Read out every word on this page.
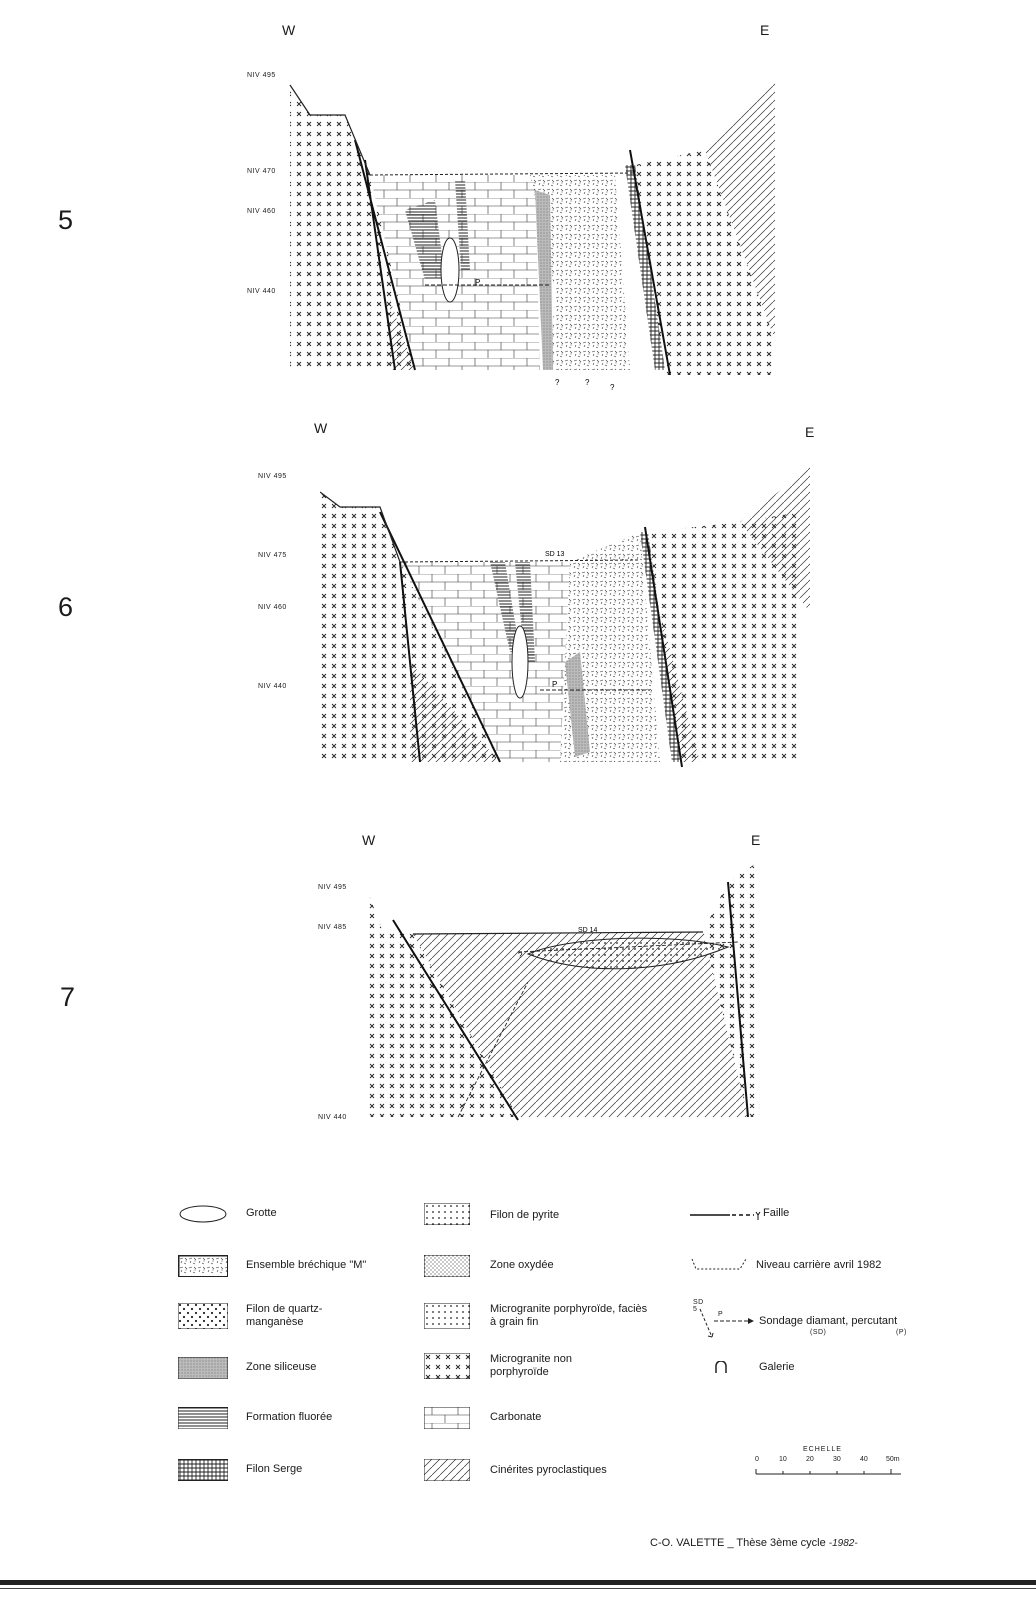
5
W	E
NIV 495
NIV 470
NIV 460
NIV 440
P
?	?
?
6
W	E
NIV 495
NIV 475
NIV 460
NIV 440
SD 13
P
7
W	E
NIV 495
NIV 485
NIV 440
SD 14
?
Grotte
Ensemble bréchique "M"
Filon de quartz-manganèse
Zone siliceuse
Formation fluorée
Filon Serge
Filon de pyrite
Zone oxydée
Microgranite porphyroïde, faciès à grain fin
Microgranite non porphyroïde
Carbonate
Cinérites pyroclastiques
Faille
Niveau carrière avril 1982
SD 5
P
Sondage diamant, percutant
(SD)	(P)
Galerie
ECHELLE
0	10	20	30	40	50m
C-O. VALETTE _ Thèse 3ème cycle -1982-
